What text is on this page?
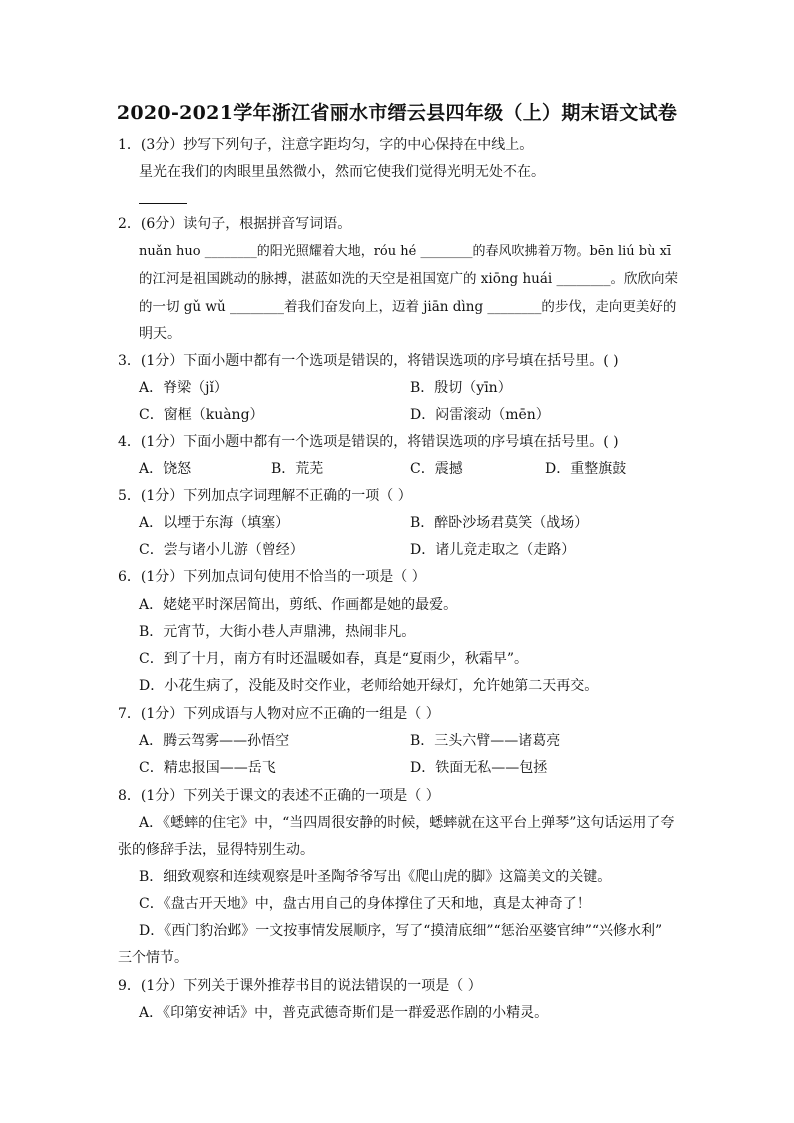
2020-2021学年浙江省丽水市缙云县四年级（上）期末语文试卷
1．(3分）抄写下列句子，注意字距均匀，字的中心保持在中线上。
星光在我们的肉眼里虽然微小，然而它使我们觉得光明无处不在。
2．(6分）读句子，根据拼音写词语。
nuǎn huo ________的阳光照耀着大地，róu hé ________的春风吹拂着万物。bēn liú bù xī
的江河是祖国跳动的脉搏，湛蓝如洗的天空是祖国宽广的 xiōng huái ________。欣欣向荣
的一切 gǔ wǔ ________着我们奋发向上，迈着 jiān dìng ________的步伐，走向更美好的
明天。
3．(1分）下面小题中都有一个选项是错误的，将错误选项的序号填在括号里。( )
A．脊梁（jǐ）	B．殷切（yīn）
C．窗框（kuàng）	D．闷雷滚动（mēn）
4．(1分）下面小题中都有一个选项是错误的，将错误选项的序号填在括号里。( )
A．饶怒	B．荒芜	C．震撼	D．重整旗鼓
5．(1分）下列加点字词理解不正确的一项（ ）
A．以堙于东海（填塞）	B．醉卧沙场君莫笑（战场）
C．尝与诸小儿游（曾经）	D．诸儿竞走取之（走路）
6．(1分）下列加点词句使用不恰当的一项是（ ）
A．姥姥平时深居简出，剪纸、作画都是她的最爱。
B．元宵节，大街小巷人声鼎沸，热闹非凡。
C．到了十月，南方有时还温暖如春，真是“夏雨少，秋霜早”。
D．小花生病了，没能及时交作业，老师给她开绿灯，允许她第二天再交。
7．(1分）下列成语与人物对应不正确的一组是（ ）
A．腾云驾雾——孙悟空	B．三头六臂——诸葛亮
C．精忠报国——岳飞	D．铁面无私——包拯
8．(1分）下列关于课文的表述不正确的一项是（ ）
A．《蟋蟀的住宅》中，“当四周很安静的时候，蟋蟀就在这平台上弹琴”这句话运用了夸
张的修辞手法，显得特别生动。
B．细致观察和连续观察是叶圣陶爷爷写出《爬山虎的脚》这篇美文的关键。
C．《盘古开天地》中，盘古用自己的身体撑住了天和地，真是太神奇了！
D．《西门豹治邺》一文按事情发展顺序，写了“摸清底细”“惩治巫婆官绅”“兴修水利”
三个情节。
9．(1分）下列关于课外推荐书目的说法错误的一项是（ ）
A．《印第安神话》中，普克武德奇斯们是一群爱恶作剧的小精灵。
